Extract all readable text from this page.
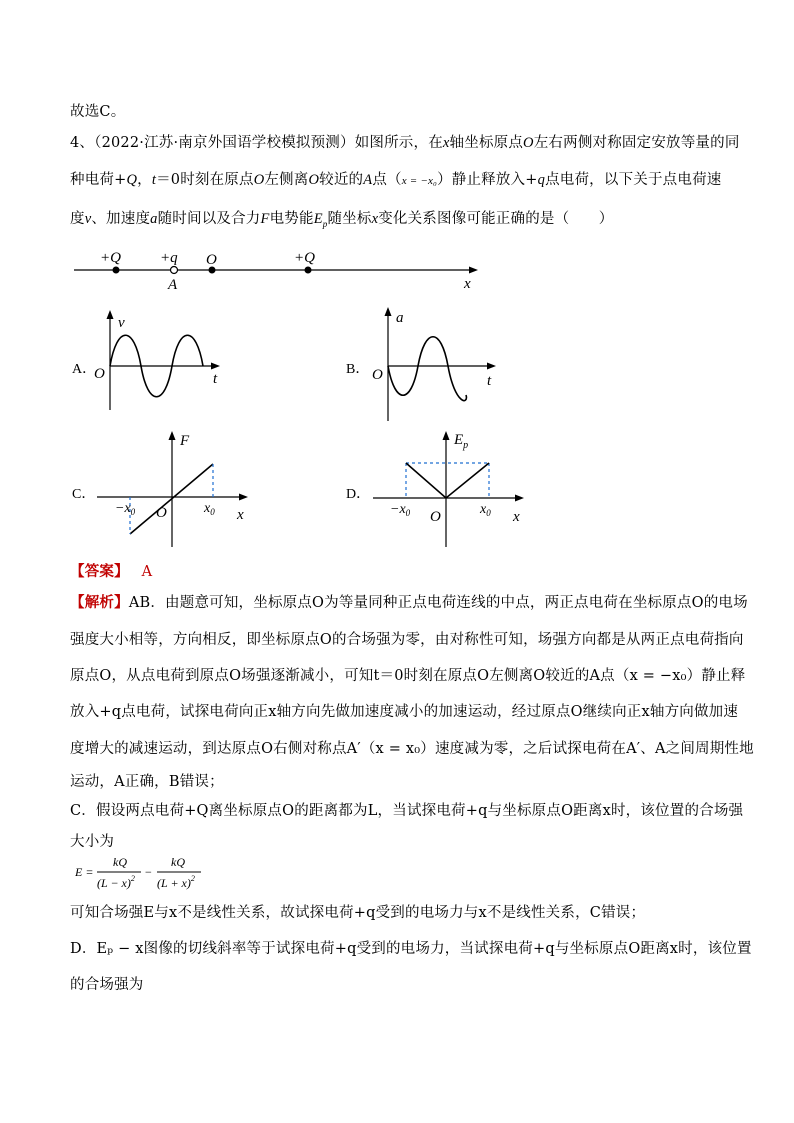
故选C。
4、（2022·江苏·南京外国语学校模拟预测）如图所示，在x轴坐标原点O左右两侧对称固定安放等量的同
种电荷+Q，t＝0时刻在原点O左侧离O较近的A点（x = −x₀）静止释放入+q点电荷，以下关于点电荷速
度v、加速度a随时间以及合力F电势能$E_p$随坐标x变化关系图像可能正确的是（　　）
+Q	+q O	+Q
A	x
A．
v
t
O	B．
a
t
O
C．
F
x
O
$-x_0$	$x_0$
D．
$E_p$
x
O
$-x_0$	$x_0$
【答案】 A
【解析】AB．由题意可知，坐标原点O为等量同种正点电荷连线的中点，两正点电荷在坐标原点O的电场
强度大小相等，方向相反，即坐标原点O的合场强为零，由对称性可知，场强方向都是从两正点电荷指向
原点O，从点电荷到原点O场强逐渐减小，可知t＝0时刻在原点O左侧离O较近的A点（x = −x₀）静止释
放入+q点电荷，试探电荷向正x轴方向先做加速度减小的加速运动，经过原点O继续向正x轴方向做加速
度增大的减速运动，到达原点O右侧对称点A′（x = x₀）速度减为零，之后试探电荷在A′、A之间周期性地
运动，A正确，B错误；
C．假设两点电荷+Q离坐标原点O的距离都为L，当试探电荷+q与坐标原点O距离x时，该位置的合场强
大小为
E =
kQ
$(L - x)^2$ −
kQ
$(L + x)^2$
可知合场强E与x不是线性关系，故试探电荷+q受到的电场力与x不是线性关系，C错误；
D．Eₚ − x图像的切线斜率等于试探电荷+q受到的电场力，当试探电荷+q与坐标原点O距离x时，该位置
的合场强为
